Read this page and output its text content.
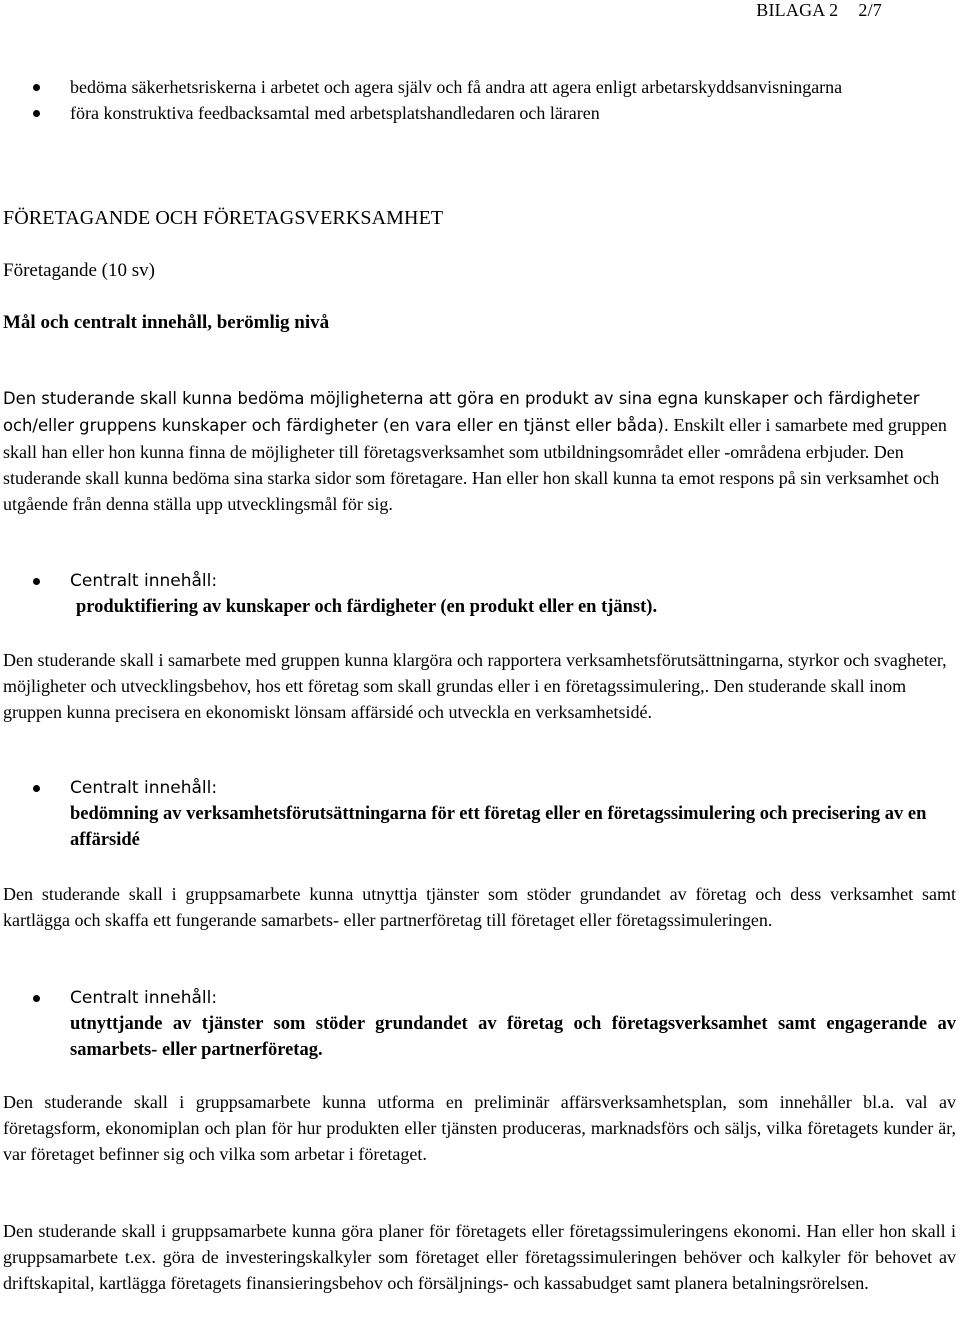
BILAGA 2 2/7
bedöma säkerhetsriskerna i arbetet och agera själv och få andra att agera enligt arbetarskyddsanvisningarna
föra konstruktiva feedbacksamtal med arbetsplatshandledaren och läraren
FÖRETAGANDE OCH FÖRETAGSVERKSAMHET
Företagande (10 sv)
Mål och centralt innehåll, berömlig nivå
Den studerande skall kunna bedöma möjligheterna att göra en produkt av sina egna kunskaper och färdigheter och/eller gruppens kunskaper och färdigheter (en vara eller en tjänst eller båda). Enskilt eller i samarbete med gruppen skall han eller hon kunna finna de möjligheter till företagsverksamhet som utbildningsområdet eller -områdena erbjuder. Den studerande skall kunna bedöma sina starka sidor som företagare. Han eller hon skall kunna ta emot respons på sin verksamhet och utgående från denna ställa upp utvecklingsmål för sig.
Centralt innehåll:
produktifiering av kunskaper och färdigheter (en produkt eller en tjänst).
Den studerande skall i samarbete med gruppen kunna klargöra och rapportera verksamhetsförutsättningarna, styrkor och svagheter, möjligheter och utvecklingsbehov, hos ett företag som skall grundas eller i en företagssimulering,. Den studerande skall inom gruppen kunna precisera en ekonomiskt lönsam affärsidé och utveckla en verksamhetsidé.
Centralt innehåll:
bedömning av verksamhetsförutsättningarna för ett företag eller en företagssimulering och precisering av en affärsidé
Den studerande skall i gruppsamarbete kunna utnyttja tjänster som stöder grundandet av företag och dess verksamhet samt kartlägga och skaffa ett fungerande samarbets- eller partnerföretag till företaget eller företagssimuleringen.
Centralt innehåll:
utnyttjande av tjänster som stöder grundandet av företag och företagsverksamhet samt engagerande av samarbets- eller partnerföretag.
Den studerande skall i gruppsamarbete kunna utforma en preliminär affärsverksamhetsplan, som innehåller bl.a. val av företagsform, ekonomiplan och plan för hur produkten eller tjänsten produceras, marknadsförs och säljs, vilka företagets kunder är, var företaget befinner sig och vilka som arbetar i företaget.
Den studerande skall i gruppsamarbete kunna göra planer för företagets eller företagssimuleringens ekonomi. Han eller hon skall i gruppsamarbete t.ex. göra de investeringskalkyler som företaget eller företagssimuleringen behöver och kalkyler för behovet av driftskapital, kartlägga företagets finansieringsbehov och försäljnings- och kassabudget samt planera betalningsrörelsen.
